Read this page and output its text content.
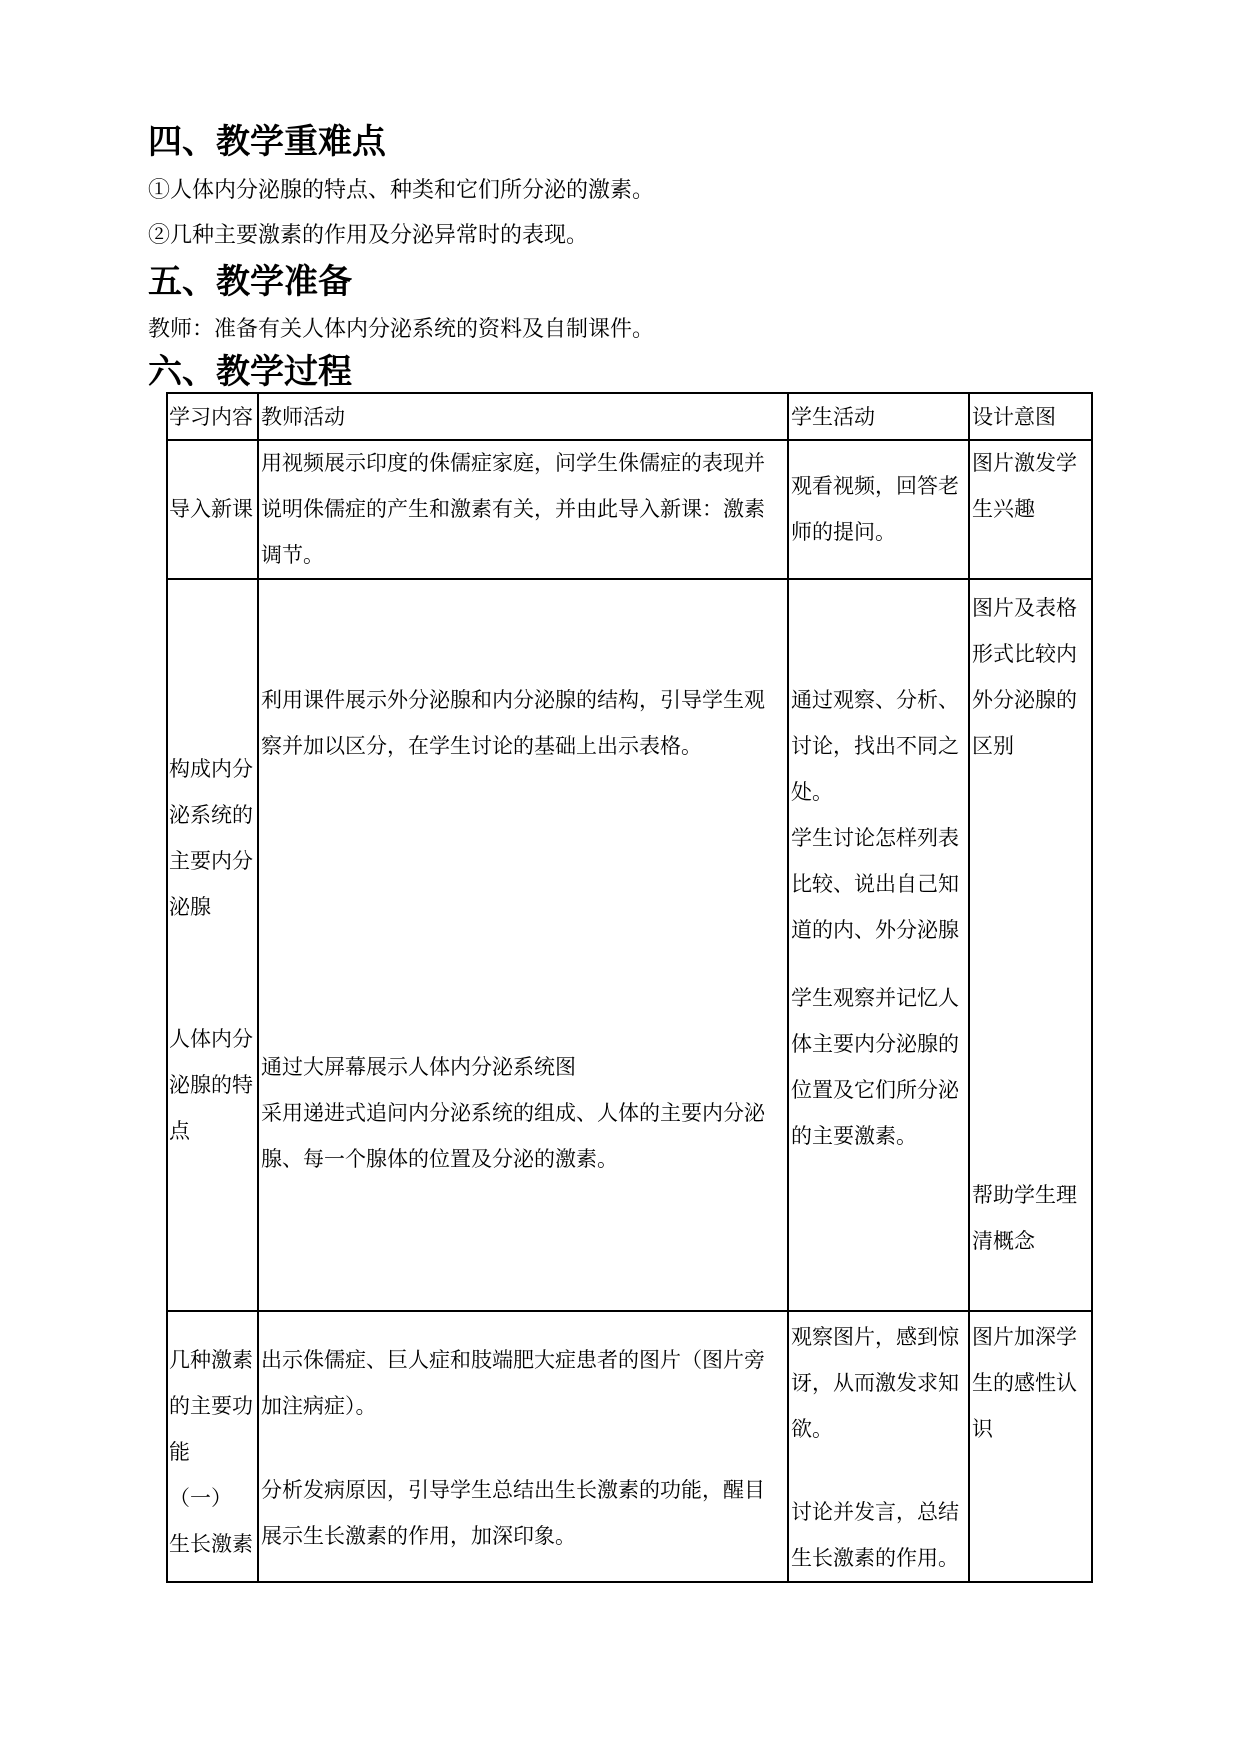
四、教学重难点

①人体内分泌腺的特点、种类和它们所分泌的激素。

②几种主要激素的作用及分泌异常时的表现。

五、教学准备

教师：准备有关人体内分泌系统的资料及自制课件。

六、教学过程
学习内容 教师活动	学生活动	设计意图
导入新课
用视频展示印度的侏儒症家庭，问学生侏儒症的表现并
说明侏儒症的产生和激素有关，并由此导入新课：激素
调节。
观看视频，回答老
师的提问。
图片激发学
生兴趣
构成内分
泌系统的
主要内分
泌腺
人体内分
泌腺的特
点
利用课件展示外分泌腺和内分泌腺的结构，引导学生观
察并加以区分，在学生讨论的基础上出示表格。
通过大屏幕展示人体内分泌系统图
采用递进式追问内分泌系统的组成、人体的主要内分泌
腺、每一个腺体的位置及分泌的激素。
通过观察、分析、
讨论，找出不同之
处。
学生讨论怎样列表
比较、说出自己知
道的内、外分泌腺
学生观察并记忆人
体主要内分泌腺的
位置及它们所分泌
的主要激素。
图片及表格
形式比较内
外分泌腺的
区别
帮助学生理
清概念
几种激素
的主要功
能
（一）
生长激素
出示侏儒症、巨人症和肢端肥大症患者的图片（图片旁
加注病症）。
分析发病原因，引导学生总结出生长激素的功能，醒目
展示生长激素的作用，加深印象。
观察图片，感到惊
讶，从而激发求知
欲。
讨论并发言，总结
生长激素的作用。
图片加深学
生的感性认
识
